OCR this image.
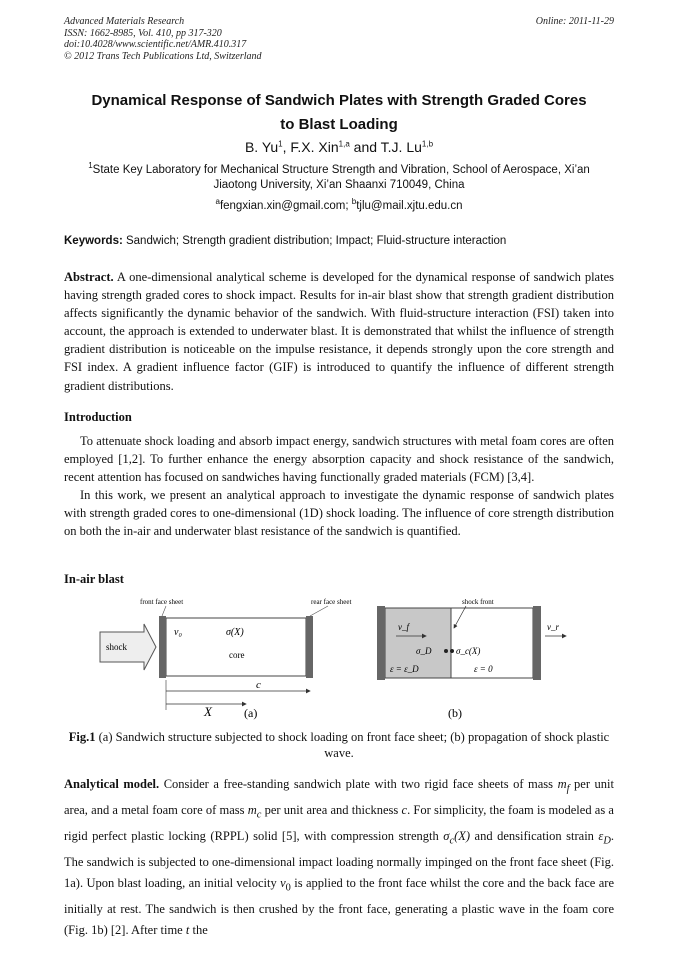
Advanced Materials Research
ISSN: 1662-8985, Vol. 410, pp 317-320
doi:10.4028/www.scientific.net/AMR.410.317
© 2012 Trans Tech Publications Ltd, Switzerland
Online: 2011-11-29
Dynamical Response of Sandwich Plates with Strength Graded Cores
to Blast Loading
B. Yu$^1$, F.X. Xin$^{1,a}$ and T.J. Lu$^{1,b}$
$^1$State Key Laboratory for Mechanical Structure Strength and Vibration, School of Aerospace, Xi’an
Jiaotong University, Xi’an Shaanxi 710049, China
$^a$fengxian.xin@gmail.com; $^b$tjlu@mail.xjtu.edu.cn
Keywords: Sandwich; Strength gradient distribution; Impact; Fluid-structure interaction
Abstract. A one-dimensional analytical scheme is developed for the dynamical response of sandwich plates having strength graded cores to shock impact. Results for in-air blast show that strength gradient distribution affects significantly the dynamic behavior of the sandwich. With fluid-structure interaction (FSI) taken into account, the approach is extended to underwater blast. It is demonstrated that whilst the influence of strength gradient distribution is noticeable on the impulse resistance, it depends strongly upon the core strength and FSI index. A gradient influence factor (GIF) is introduced to quantify the influence of different strength gradient distributions.
Introduction

To attenuate shock loading and absorb impact energy, sandwich structures with metal foam cores are often employed [1,2]. To further enhance the energy absorption capacity and shock resistance of the sandwich, recent attention has focused on sandwiches having functionally graded materials (FCM) [3,4].

In this work, we present an analytical approach to investigate the dynamic response of sandwich plates with strength graded cores to one-dimensional (1D) shock loading. The influence of core strength distribution on both the in-air and underwater blast resistance of the sandwich is quantified.

In-air blast
shock
front face sheet	rear face sheet
v₀	σ(X)
core
c
X	(a)
shock front
v_f	v_r
σ_D	σ_c(X)
ε = ε_D	ε = 0
(b)
Fig.1 (a) Sandwich structure subjected to shock loading on front face sheet; (b) propagation of shock plastic wave.
Analytical model. Consider a free-standing sandwich plate with two rigid face sheets of mass $m_f$ per unit area, and a metal foam core of mass $m_c$ per unit area and thickness c. For simplicity, the foam is modeled as a rigid perfect plastic locking (RPPL) solid [5], with compression strength $\sigma_c(X)$ and densification strain $\varepsilon_D$. The sandwich is subjected to one-dimensional impact loading normally impinged on the front face sheet (Fig. 1a). Upon blast loading, an initial velocity $v_0$ is applied to the front face whilst the core and the back face are initially at rest. The sandwich is then crushed by the front face, generating a plastic wave in the foam core (Fig. 1b) [2]. After time t the
